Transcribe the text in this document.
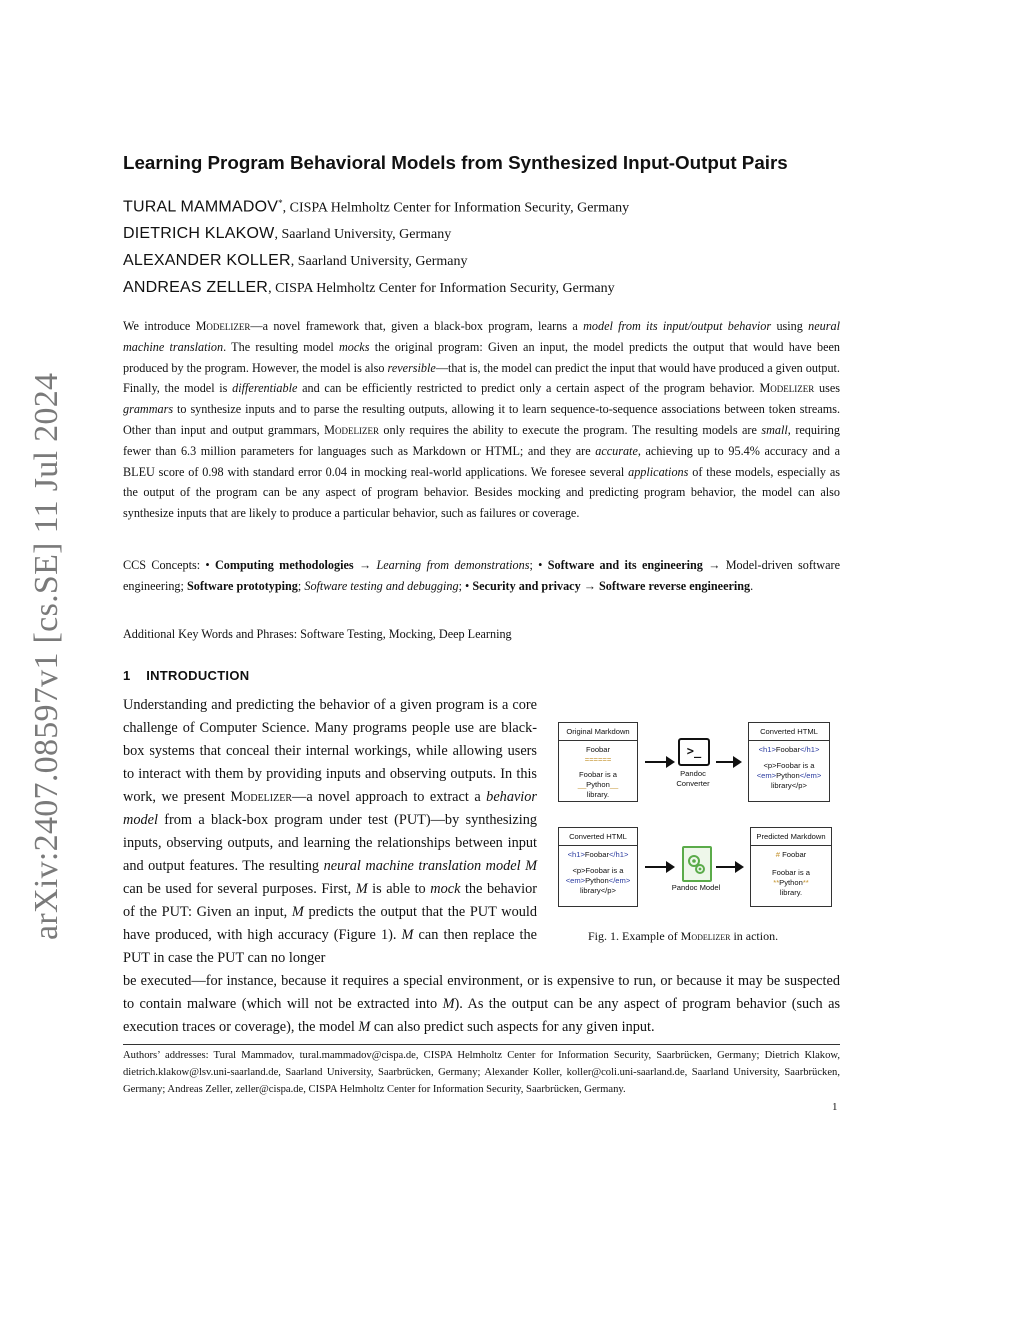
arXiv:2407.08597v1 [cs.SE] 11 Jul 2024
Learning Program Behavioral Models from Synthesized Input-Output Pairs
TURAL MAMMADOV*, CISPA Helmholtz Center for Information Security, Germany
DIETRICH KLAKOW, Saarland University, Germany
ALEXANDER KOLLER, Saarland University, Germany
ANDREAS ZELLER, CISPA Helmholtz Center for Information Security, Germany
We introduce Modelizer—a novel framework that, given a black-box program, learns a model from its input/output behavior using neural machine translation. The resulting model mocks the original program: Given an input, the model predicts the output that would have been produced by the program. However, the model is also reversible—that is, the model can predict the input that would have produced a given output. Finally, the model is differentiable and can be efficiently restricted to predict only a certain aspect of the program behavior. Modelizer uses grammars to synthesize inputs and to parse the resulting outputs, allowing it to learn sequence-to-sequence associations between token streams. Other than input and output grammars, Modelizer only requires the ability to execute the program. The resulting models are small, requiring fewer than 6.3 million parameters for languages such as Markdown or HTML; and they are accurate, achieving up to 95.4% accuracy and a BLEU score of 0.98 with standard error 0.04 in mocking real-world applications. We foresee several applications of these models, especially as the output of the program can be any aspect of program behavior. Besides mocking and predicting program behavior, the model can also synthesize inputs that are likely to produce a particular behavior, such as failures or coverage.
CCS Concepts: • Computing methodologies → Learning from demonstrations; • Software and its engineering → Model-driven software engineering; Software prototyping; Software testing and debugging; • Security and privacy → Software reverse engineering.
Additional Key Words and Phrases: Software Testing, Mocking, Deep Learning
1 INTRODUCTION
Understanding and predicting the behavior of a given program is a core challenge of Computer Science. Many programs people use are black-box systems that conceal their internal workings, while allowing users to interact with them by providing inputs and observing outputs. In this work, we present Modelizer—a novel approach to extract a behavior model from a black-box program under test (PUT)—by synthesizing inputs, observing outputs, and learning the relationships between input and output features. The resulting neural machine translation model M can be used for several purposes. First, M is able to mock the behavior of the PUT: Given an input, M predicts the output that the PUT would have produced, with high accuracy (Figure 1). M can then replace the PUT in case the PUT can no longer
be executed—for instance, because it requires a special environment, or is expensive to run, or because it may be suspected to contain malware (which will not be extracted into M). As the output can be any aspect of program behavior (such as execution traces or coverage), the model M can also predict such aspects for any given input.
Original Markdown
Foobar
======
Foobar is a
__Python__
library.
>_
Pandoc Converter
Converted HTML
<h1>Foobar</h1>
<p>Foobar is a
<em>Python</em>
library</p>
Converted HTML
<h1>Foobar</h1>
<p>Foobar is a
<em>Python</em>
library</p>	Pandoc Model
Predicted Markdown
# Foobar
Foobar is a
**Python**
library.
Fig. 1. Example of Modelizer in action.
Authors’ addresses: Tural Mammadov, tural.mammadov@cispa.de, CISPA Helmholtz Center for Information Security, Saarbrücken, Germany; Dietrich Klakow, dietrich.klakow@lsv.uni-saarland.de, Saarland University, Saarbrücken, Germany; Alexander Koller, koller@coli.uni-saarland.de, Saarland University, Saarbrücken, Germany; Andreas Zeller, zeller@cispa.de, CISPA Helmholtz Center for Information Security, Saarbrücken, Germany.
1
